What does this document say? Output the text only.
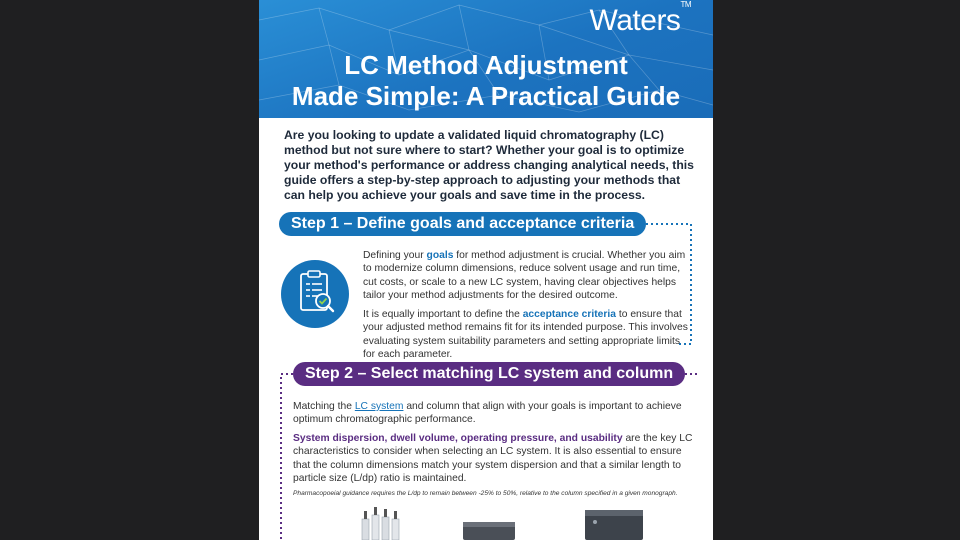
Waters™
LC Method Adjustment
Made Simple: A Practical Guide
Are you looking to update a validated liquid chromatography (LC) method but not sure where to start? Whether your goal is to optimize your method's performance or address changing analytical needs, this guide offers a step-by-step approach to adjusting your methods that can help you achieve your goals and save time in the process.
Step 1 – Define goals and acceptance criteria
Defining your goals for method adjustment is crucial. Whether you aim to modernize column dimensions, reduce solvent usage and run time, cut costs, or scale to a new LC system, having clear objectives helps tailor your method adjustments for the desired outcome.
It is equally important to define the acceptance criteria to ensure that your adjusted method remains fit for its intended purpose. This involves evaluating system suitability parameters and setting appropriate limits for each parameter.
Step 2 – Select matching LC system and column
Matching the LC system and column that align with your goals is important to achieve optimum chromatographic performance.
System dispersion, dwell volume, operating pressure, and usability are the key LC characteristics to consider when selecting an LC system. It is also essential to ensure that the column dimensions match your system dispersion and that a similar length to particle size (L/dp) ratio is maintained.
Pharmacopoeial guidance requires the L/dp to remain between -25% to 50%, relative to the column specified in a given monograph.
